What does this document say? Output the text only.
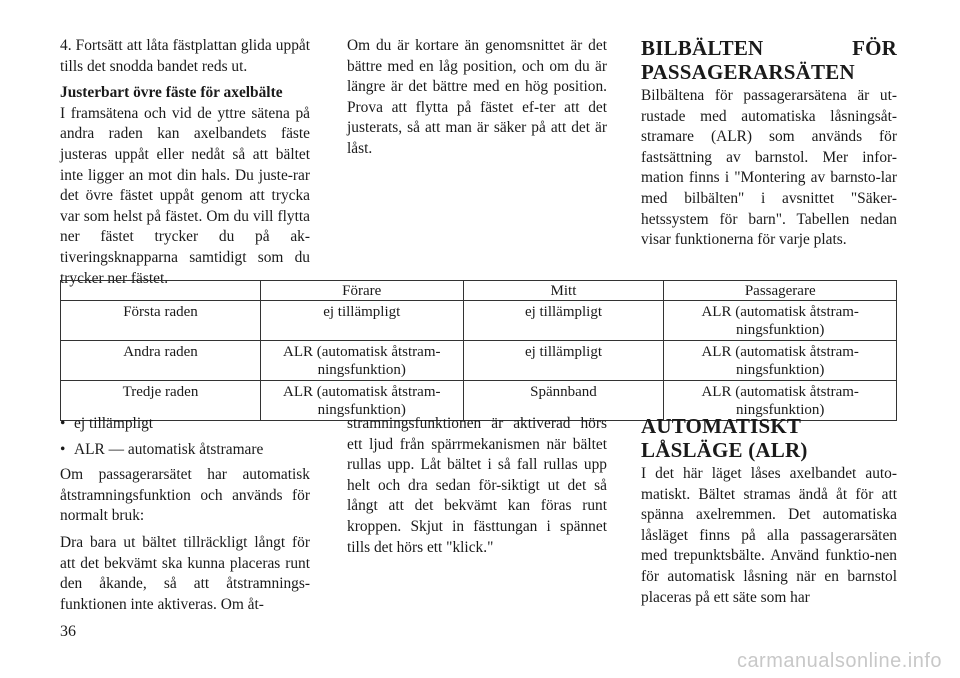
4. Fortsätt att låta fästplattan glida uppåt tills det snodda bandet reds ut.

Justerbart övre fäste för axelbälte

I framsätena och vid de yttre sätena på andra raden kan axelbandets fäste justeras uppåt eller nedåt så att bältet inte ligger an mot din hals. Du juste-rar det övre fästet uppåt genom att trycka var som helst på fästet. Om du vill flytta ner fästet trycker du på ak-tiveringsknapparna samtidigt som du trycker ner fästet.

Om du är kortare än genomsnittet är det bättre med en låg position, och om du är längre är det bättre med en hög position. Prova att flytta på fästet ef-ter att det justerats, så att man är säker på att det är låst.

BILBÄLTEN FÖR PASSAGERARSÄTEN

Bilbältena för passagerarsätena är ut-rustade med automatiska låsningsåt-stramare (ALR) som används för fastsättning av barnstol. Mer infor-mation finns i "Montering av barnsto-lar med bilbälten" i avsnittet "Säker-hetssystem för barn". Tabellen nedan visar funktionerna för varje plats.

	Förare	Mitt	Passagerare
Första raden	ej tillämpligt	ej tillämpligt	ALR (automatisk åtstram-ningsfunktion)
Andra raden	ALR (automatisk åtstram-ningsfunktion)	ej tillämpligt	ALR (automatisk åtstram-ningsfunktion)
Tredje raden	ALR (automatisk åtstram-ningsfunktion)	Spännband	ALR (automatisk åtstram-ningsfunktion)
• ej tillämpligt
• ALR — automatisk åtstramare

Om passagerarsätet har automatisk åtstramningsfunktion och används för normalt bruk:

Dra bara ut bältet tillräckligt långt för att det bekvämt ska kunna placeras runt den åkande, så att åtstramnings-funktionen inte aktiveras. Om åt-

stramningsfunktionen är aktiverad hörs ett ljud från spärrmekanismen när bältet rullas upp. Låt bältet i så fall rullas upp helt och dra sedan för-siktigt ut det så långt att det bekvämt kan föras runt kroppen. Skjut in fästtungan i spännet tills det hörs ett "klick."

AUTOMATISKT LÅSLÄGE (ALR)

I det här läget låses axelbandet auto-matiskt. Bältet stramas ändå åt för att spänna axelremmen. Det automatiska låsläget finns på alla passagerarsäten med trepunktsbälte. Använd funktio-nen för automatisk låsning när en barnstol placeras på ett säte som har

36
carmanualsonline.info
